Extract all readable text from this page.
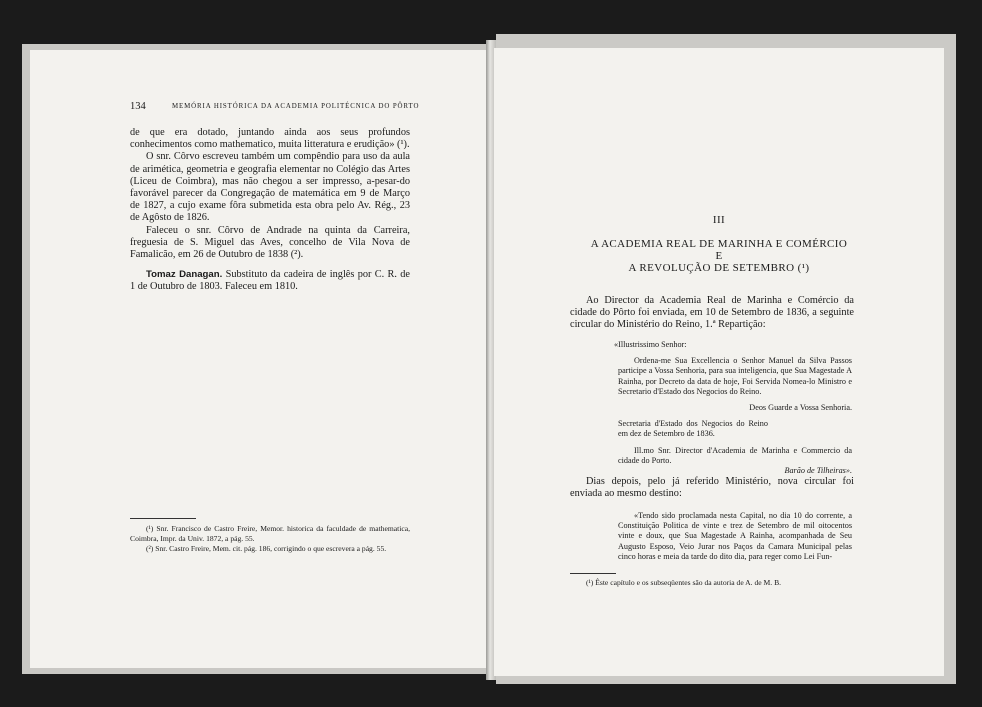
134	MEMÓRIA HISTÓRICA DA ACADEMIA POLITÉCNICA DO PÔRTO

de que era dotado, juntando ainda aos seus profundos conhecimentos como mathematico, muita litteratura e erudição» (¹).

O snr. Côrvo escreveu também um compêndio para uso da aula de arimética, geometria e geografia elementar no Colégio das Artes (Liceu de Coimbra), mas não chegou a ser impresso, a-pesar-do favorável parecer da Congregação de matemática em 9 de Março de 1827, a cujo exame fôra submetida esta obra pelo Av. Rég., 23 de Agôsto de 1826.

Faleceu o snr. Côrvo de Andrade na quinta da Carreira, freguesia de S. Miguel das Aves, concelho de Vila Nova de Famalicão, em 26 de Outubro de 1838 (²).

Tomaz Danagan. Substituto da cadeira de inglês por C. R. de 1 de Outubro de 1803. Faleceu em 1810.

(¹) Snr. Francisco de Castro Freire, Memor. historica da faculdade de mathematica, Coimbra, Impr. da Univ. 1872, a pág. 55.

(²) Snr. Castro Freire, Mem. cit. pág. 186, corrigindo o que escrevera a pág. 55.

III
A ACADEMIA REAL DE MARINHA E COMÉRCIO
E
A REVOLUÇÃO DE SETEMBRO (¹)

Ao Director da Academia Real de Marinha e Comércio da cidade do Pôrto foi enviada, em 10 de Setembro de 1836, a seguinte circular do Ministério do Reino, 1.ª Repartição:

«Illustrissimo Senhor:

Ordena-me Sua Excellencia o Senhor Manuel da Silva Passos participe a Vossa Senhoria, para sua inteligencia, que Sua Magestade A Rainha, por Decreto da data de hoje, Foi Servida Nomea-lo Ministro e Secretario d'Estado dos Negocios do Reino.

Deos Guarde a Vossa Senhoria.

Secretaria d'Estado dos Negocios do Reino em dez de Setembro de 1836.

Ill.mo Snr. Director d'Academia de Marinha e Commercio da cidade do Porto.

Barão de Tilheiras».

Dias depois, pelo já referido Ministério, nova circular foi enviada ao mesmo destino:

«Tendo sido proclamada nesta Capital, no dia 10 do corrente, a Constituição Politica de vinte e trez de Setembro de mil oitocentos vinte e doux, que Sua Magestade A Rainha, acompanhada de Seu Augusto Esposo, Veio Jurar nos Paços da Camara Municipal pelas cinco horas e meia da tarde do dito dia, para reger como Lei Fun-

(¹) Êste capítulo e os subseqüentes são da autoria de A. de M. B.
